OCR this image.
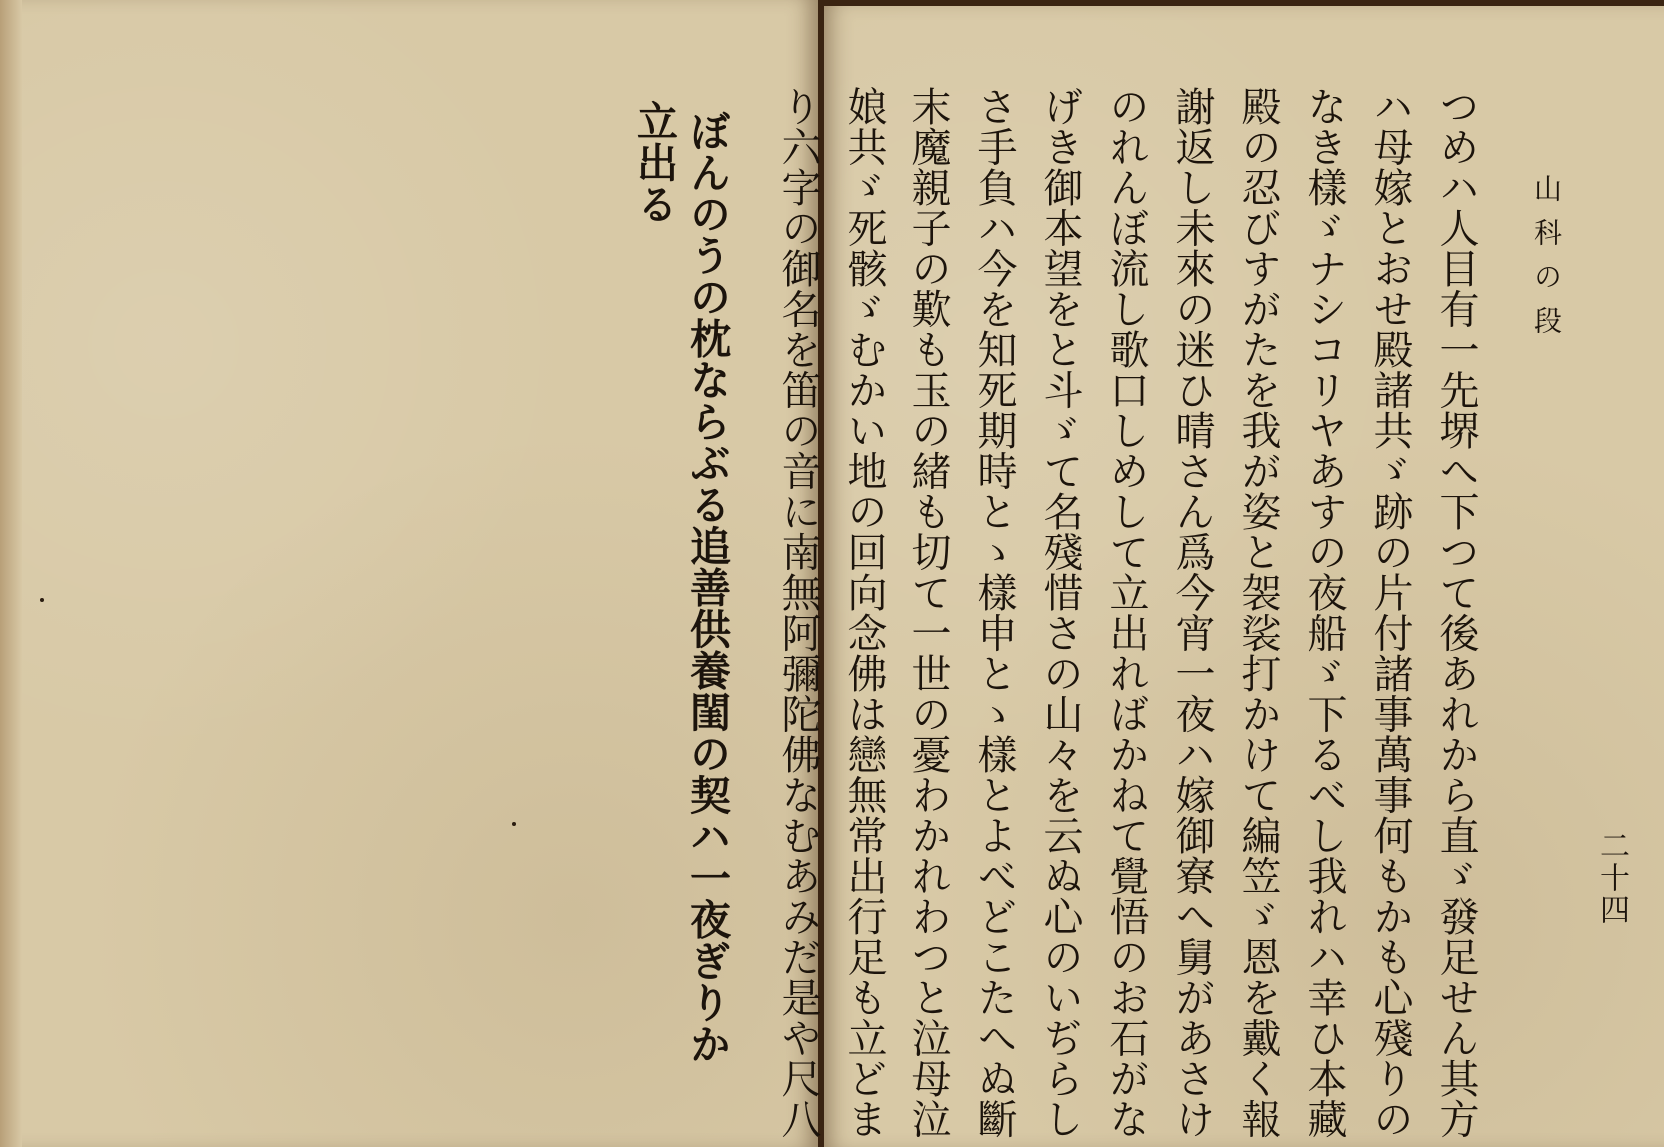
ぼんのうの枕ならぶる追善供養閨の契ハ一夜ぎりか
立出る
山科の段
二十四
つめハ人目有一先堺へ下つて後あれから直ゞ發足せん其方
ハ母嫁とおせ殿諸共ゞ跡の片付諸事萬事何もかも心殘りの
なき樣ゞナシコリヤあすの夜船ゞ下るべし我れハ幸ひ本藏
殿の忍びすがたを我が姿と袈裟打かけて編笠ゞ恩を戴く報
謝返し未來の迷ひ晴さん爲今宵一夜ハ嫁御寮へ舅があさけ
のれんぼ流し歌口しめして立出ればかねて覺悟のお石がな
げき御本望をと斗ゞて名殘惜さの山々を云ぬ心のいぢらし
さ手負ハ今を知死期時とゝ樣申とゝ樣とよべどこたへぬ斷
末魔親子の歎も玉の緒も切て一世の憂わかれわつと泣母泣
娘共ゞ死骸ゞむかい地の回向念佛は戀無常出行足も立どま
り六字の御名を笛の音に南無阿彌陀佛なむあみだ是や尺八
